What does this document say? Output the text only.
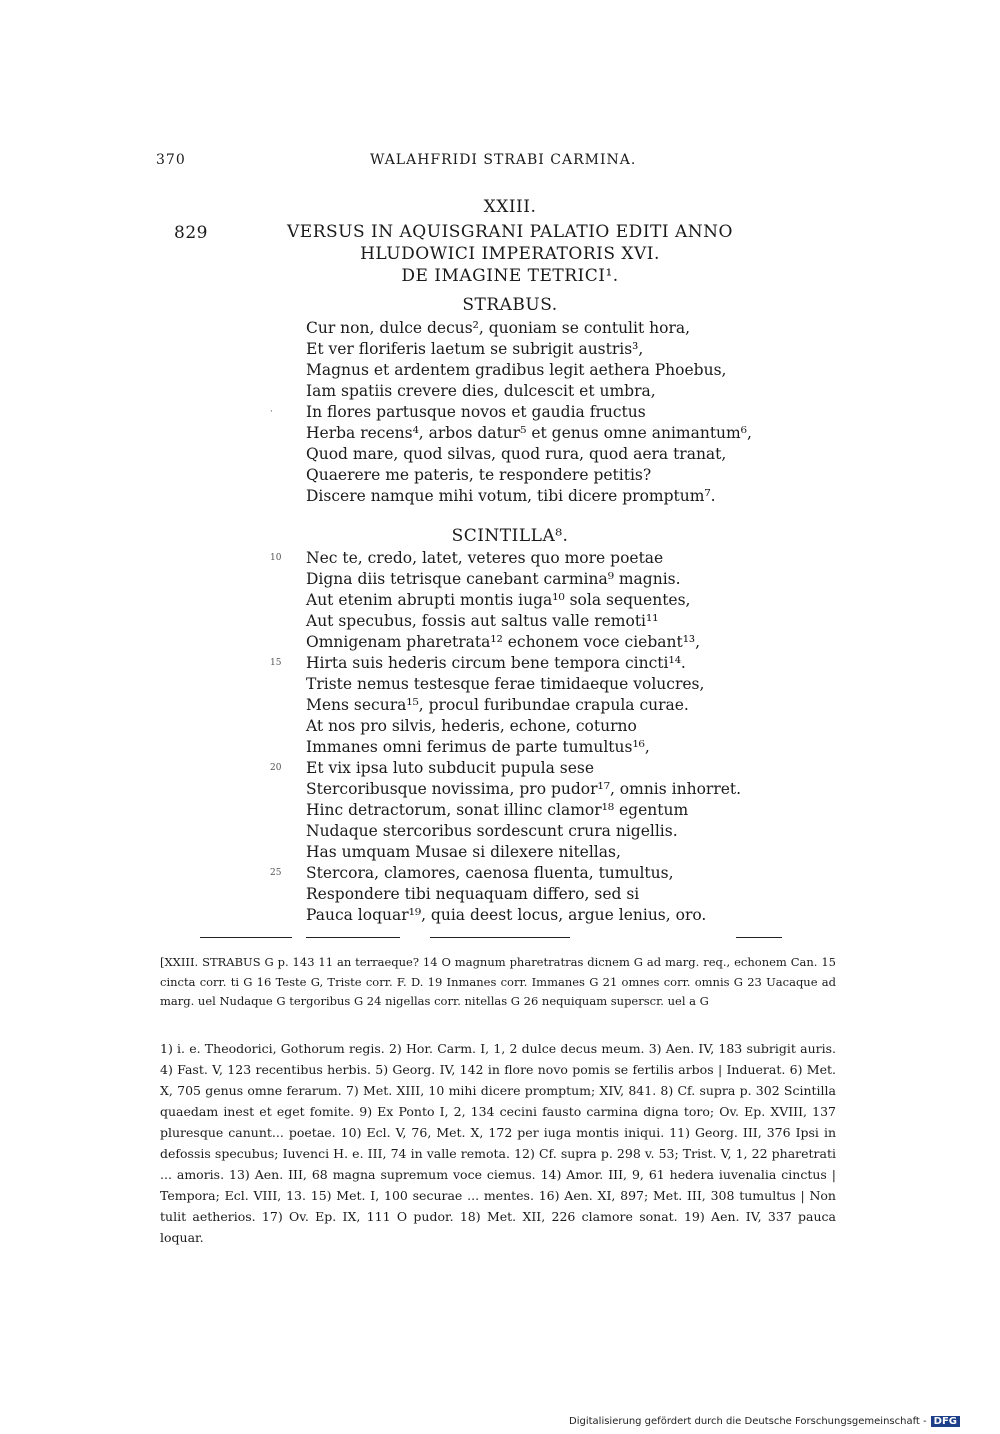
370	WALAHFRIDI STRABI CARMINA.
XXIII.
829	VERSUS IN AQUISGRANI PALATIO EDITI ANNO
HLUDOWICI IMPERATORIS XVI.
DE IMAGINE TETRICI¹.
STRABUS.
Cur non, dulce decus², quoniam se contulit hora,
Et ver floriferis laetum se subrigit austris³,
Magnus et ardentem gradibus legit aethera Phoebus,
Iam spatiis crevere dies, dulcescit et umbra,
· In flores partusque novos et gaudia fructus
Herba recens⁴, arbos datur⁵ et genus omne animantum⁶,
Quod mare, quod silvas, quod rura, quod aera tranat,
Quaerere me pateris, te respondere petitis?
Discere namque mihi votum, tibi dicere promptum⁷.
SCINTILLA⁸.
10 Nec te, credo, latet, veteres quo more poetae
Digna diis tetrisque canebant carmina⁹ magnis.
Aut etenim abrupti montis iuga¹⁰ sola sequentes,
Aut specubus, fossis aut saltus valle remoti¹¹
Omnigenam pharetrata¹² echonem voce ciebant¹³,
15 Hirta suis hederis circum bene tempora cincti¹⁴.
Triste nemus testesque ferae timidaeque volucres,
Mens secura¹⁵, procul furibundae crapula curae.
At nos pro silvis, hederis, echone, coturno
Immanes omni ferimus de parte tumultus¹⁶,
20 Et vix ipsa luto subducit pupula sese
Stercoribusque novissima, pro pudor¹⁷, omnis inhorret.
Hinc detractorum, sonat illinc clamor¹⁸ egentum
Nudaque stercoribus sordescunt crura nigellis.
Has umquam Musae si dilexere nitellas,
25 Stercora, clamores, caenosa fluenta, tumultus,
Respondere tibi nequaquam differo, sed si
Pauca loquar¹⁹, quia deest locus, argue lenius, oro.
[XXIII. STRABUS G p. 143 11 an terraeque? 14 O magnum pharetratras dicnem G ad marg. req., echonem Can. 15 cincta corr. ti G 16 Teste G, Triste corr. F. D. 19 Inmanes corr. Immanes G 21 omnes corr. omnis G 23 Uacaque ad marg. uel Nudaque G tergoribus G 24 nigellas corr. nitellas G 26 nequiquam superscr. uel a G
1) i. e. Theodorici, Gothorum regis. 2) Hor. Carm. I, 1, 2 dulce decus meum. 3) Aen. IV, 183 subrigit auris. 4) Fast. V, 123 recentibus herbis. 5) Georg. IV, 142 in flore novo pomis se fertilis arbos | Induerat. 6) Met. X, 705 genus omne ferarum. 7) Met. XIII, 10 mihi dicere promptum; XIV, 841. 8) Cf. supra p. 302 Scintilla quaedam inest et eget fomite. 9) Ex Ponto I, 2, 134 cecini fausto carmina digna toro; Ov. Ep. XVIII, 137 pluresque canunt... poetae. 10) Ecl. V, 76, Met. X, 172 per iuga montis iniqui. 11) Georg. III, 376 Ipsi in defossis specubus; Iuvenci H. e. III, 74 in valle remota. 12) Cf. supra p. 298 v. 53; Trist. V, 1, 22 pharetrati ... amoris. 13) Aen. III, 68 magna supremum voce ciemus. 14) Amor. III, 9, 61 hedera iuvenalia cinctus | Tempora; Ecl. VIII, 13. 15) Met. I, 100 securae ... mentes. 16) Aen. XI, 897; Met. III, 308 tumultus | Non tulit aetherios. 17) Ov. Ep. IX, 111 O pudor. 18) Met. XII, 226 clamore sonat. 19) Aen. IV, 337 pauca loquar.
Digitalisierung gefördert durch die Deutsche Forschungsgemeinschaft - DFG
